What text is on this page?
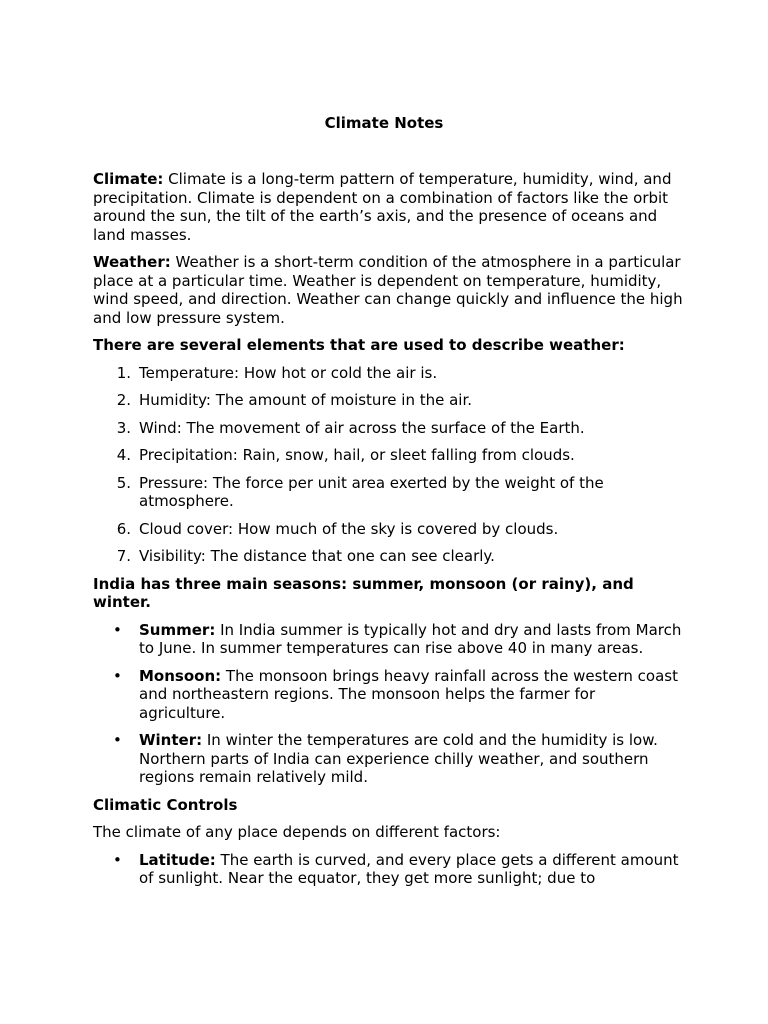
Climate Notes

Climate: Climate is a long-term pattern of temperature, humidity, wind, and precipitation. Climate is dependent on a combination of factors like the orbit around the sun, the tilt of the earth’s axis, and the presence of oceans and land masses.

Weather: Weather is a short-term condition of the atmosphere in a particular place at a particular time. Weather is dependent on temperature, humidity, wind speed, and direction. Weather can change quickly and influence the high and low pressure system.

There are several elements that are used to describe weather:

1. Temperature: How hot or cold the air is.
2. Humidity: The amount of moisture in the air.
3. Wind: The movement of air across the surface of the Earth.
4. Precipitation: Rain, snow, hail, or sleet falling from clouds.
5. Pressure: The force per unit area exerted by the weight of the atmosphere.
6. Cloud cover: How much of the sky is covered by clouds.
7. Visibility: The distance that one can see clearly.

India has three main seasons: summer, monsoon (or rainy), and winter.

• Summer: In India summer is typically hot and dry and lasts from March to June. In summer temperatures can rise above 40 in many areas.
• Monsoon: The monsoon brings heavy rainfall across the western coast and northeastern regions. The monsoon helps the farmer for agriculture.
• Winter: In winter the temperatures are cold and the humidity is low. Northern parts of India can experience chilly weather, and southern regions remain relatively mild.

Climatic Controls

The climate of any place depends on different factors:

• Latitude: The earth is curved, and every place gets a different amount of sunlight. Near the equator, they get more sunlight; due to
